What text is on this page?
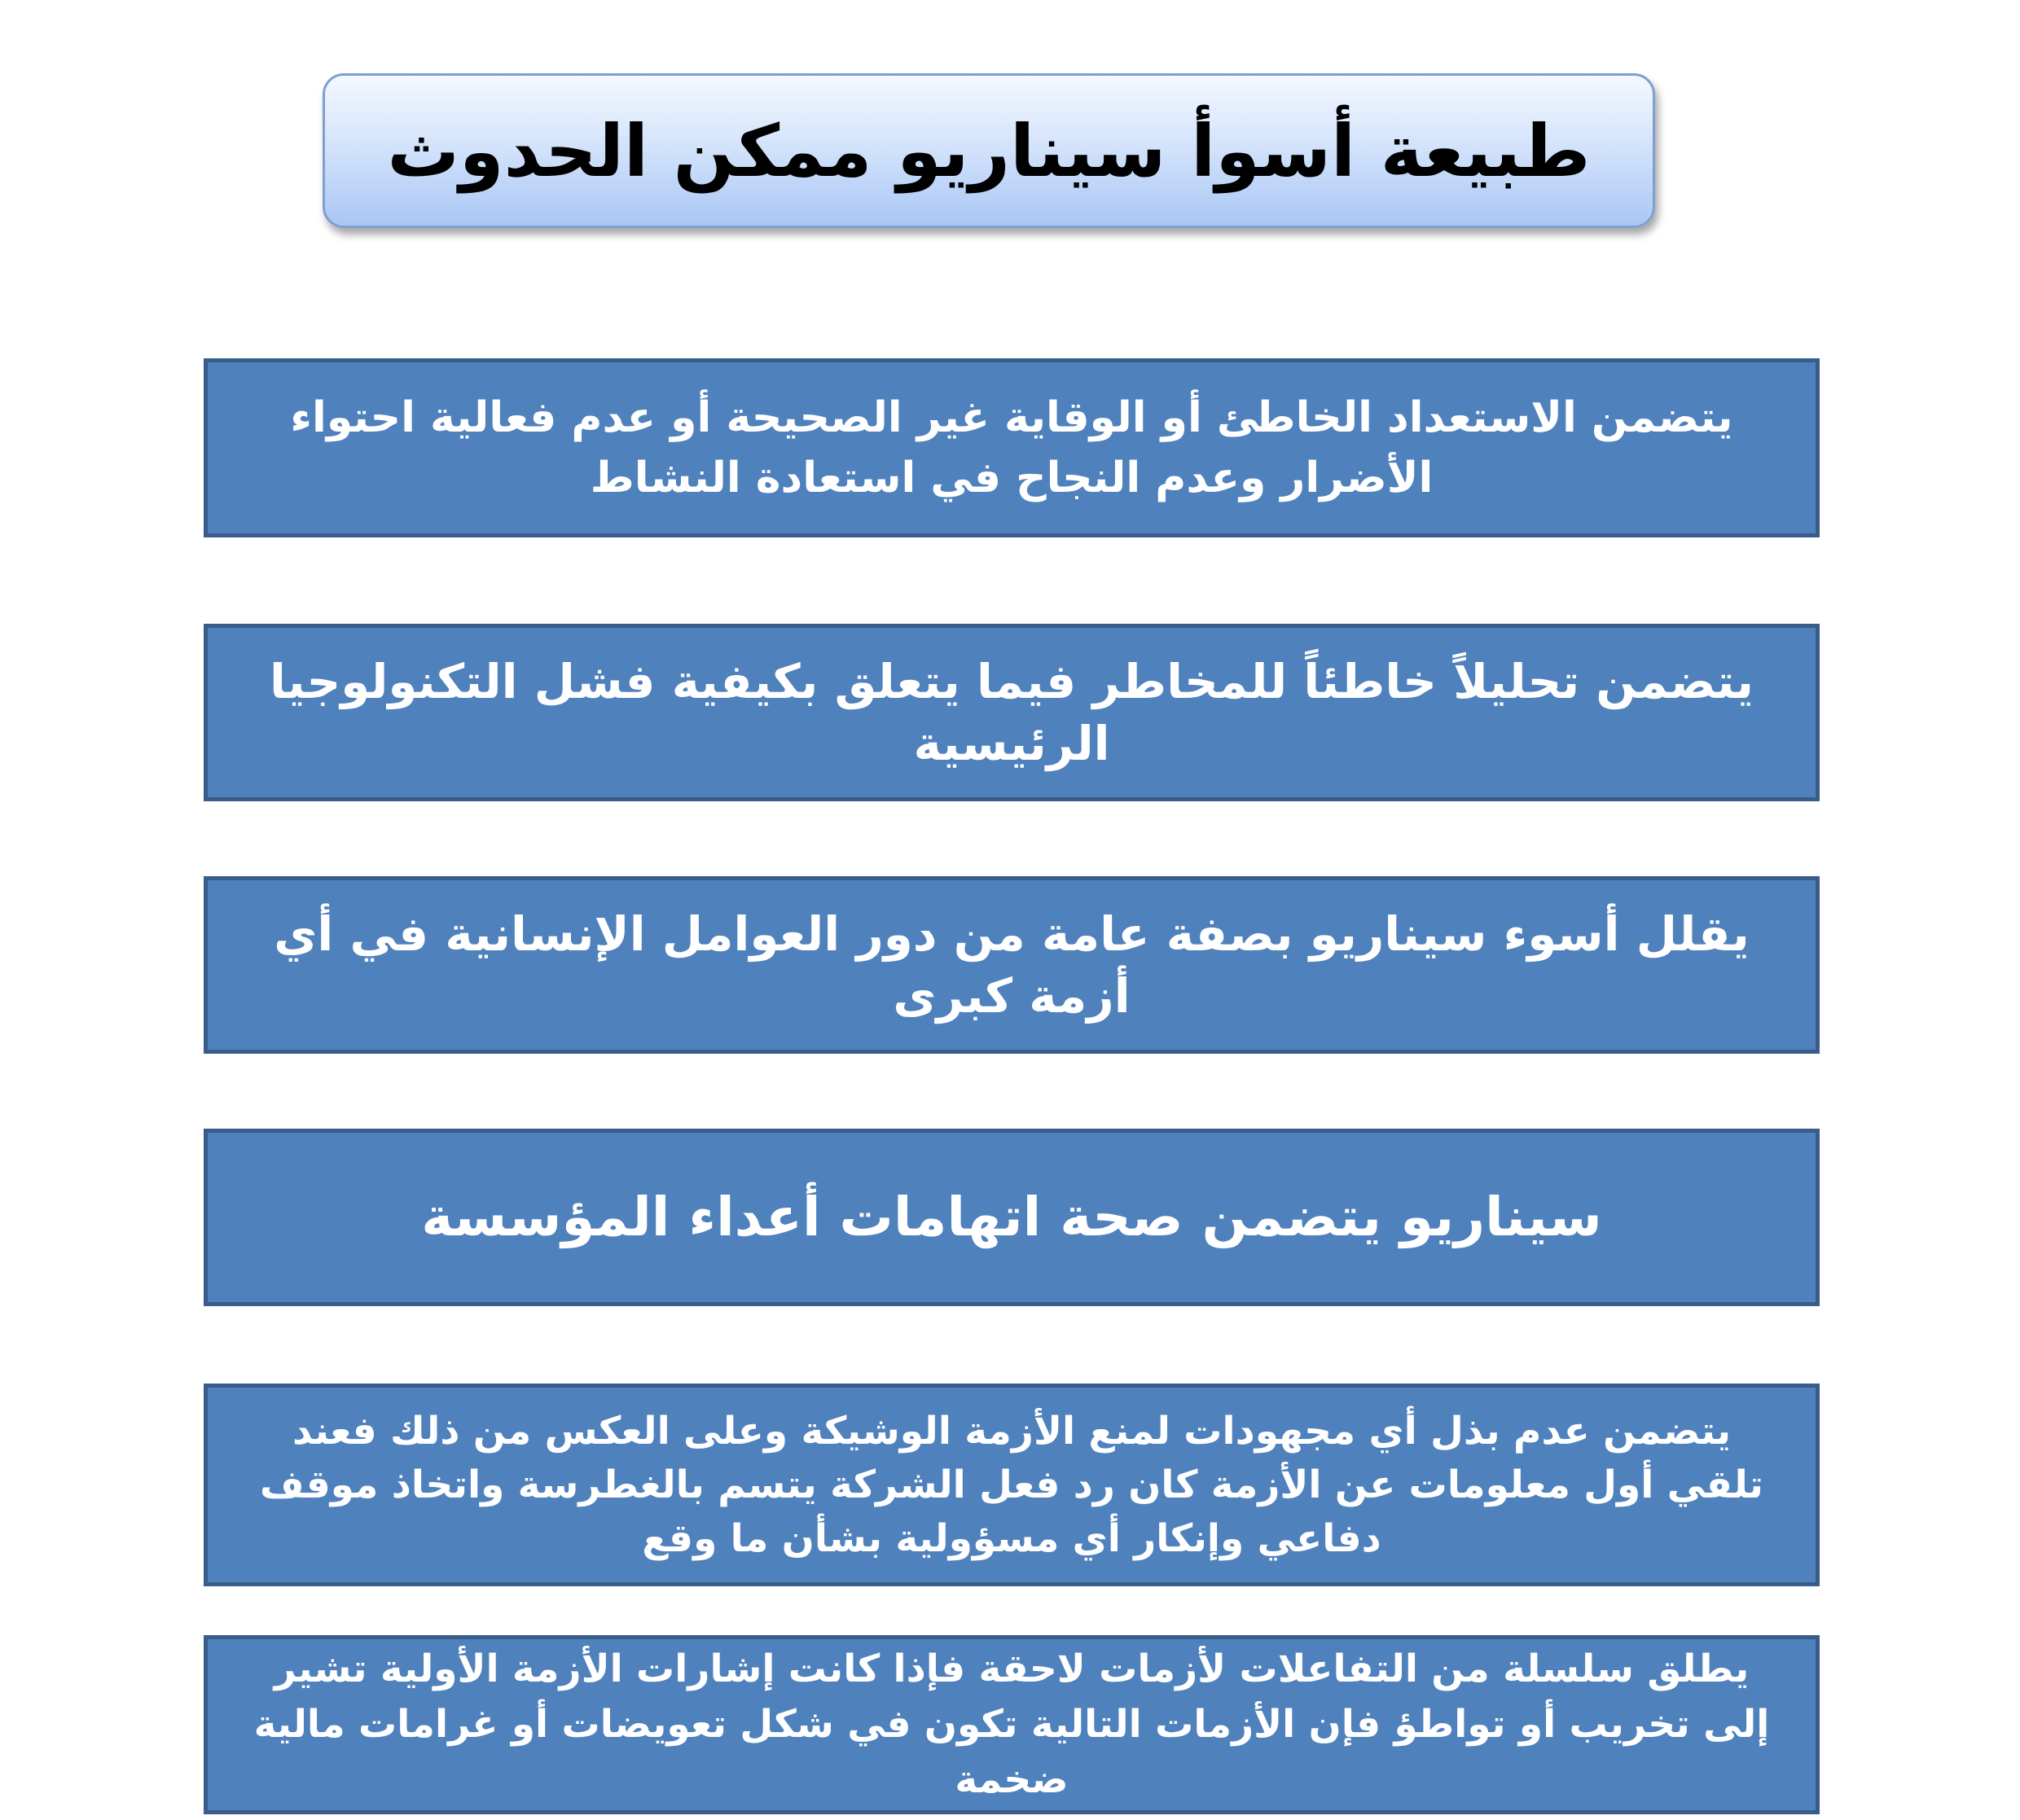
طبيعة أسوأ سيناريو ممكن الحدوث
يتضمن الاستعداد الخاطئ أو الوقاية غير الصحيحة أو عدم فعالية احتواء الأضرار وعدم النجاح في استعادة النشاط
يتضمن تحليلاً خاطئاً للمخاطر فيما يتعلق بكيفية فشل التكنولوجيا الرئيسية
يقلل أسوء سيناريو بصفة عامة من دور العوامل الإنسانية في أي أزمة كبرى
سيناريو يتضمن صحة اتهامات أعداء المؤسسة
يتضمن عدم بذل أي مجهودات لمنع الأزمة الوشيكة وعلى العكس من ذلك فعند تلقي أول معلومات عن الأزمة كان رد فعل الشركة يتسم بالغطرسة واتخاذ موقف دفاعي وإنكار أي مسؤولية بشأن ما وقع
يطلق سلسلة من التفاعلات لأزمات لاحقة فإذا كانت إشارات الأزمة الأولية تشير إلى تخريب أو تواطؤ فإن الأزمات التالية تكون في شكل تعويضات أو غرامات مالية ضخمة
